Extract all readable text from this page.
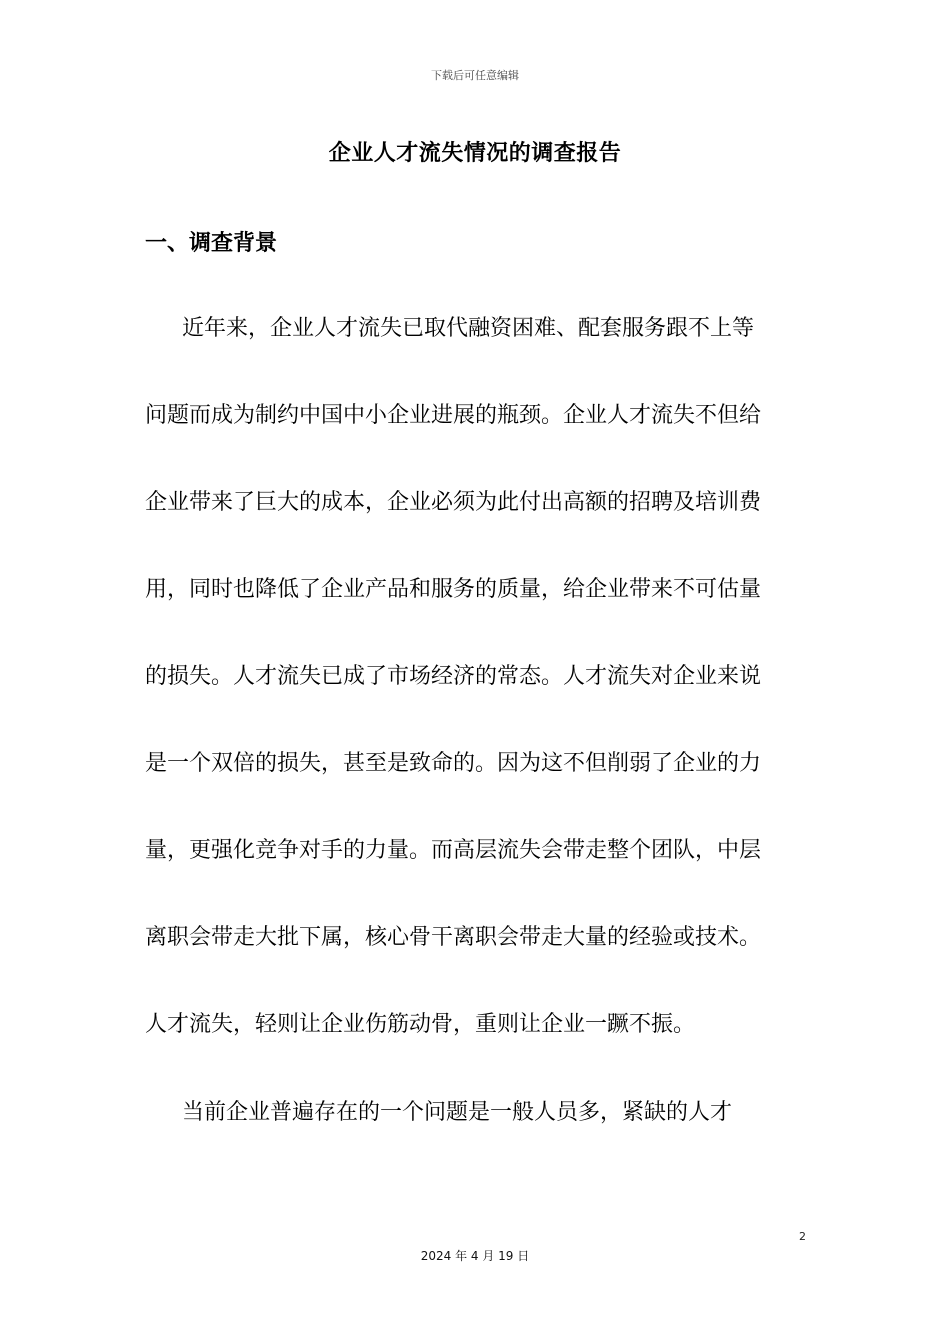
下载后可任意编辑
企业人才流失情况的调查报告
一、调查背景
近年来，企业人才流失已取代融资困难、配套服务跟不上等
问题而成为制约中国中小企业进展的瓶颈。企业人才流失不但给
企业带来了巨大的成本，企业必须为此付出高额的招聘及培训费
用，同时也降低了企业产品和服务的质量，给企业带来不可估量
的损失。人才流失已成了市场经济的常态。人才流失对企业来说
是一个双倍的损失，甚至是致命的。因为这不但削弱了企业的力
量，更强化竞争对手的力量。而高层流失会带走整个团队，中层
离职会带走大批下属，核心骨干离职会带走大量的经验或技术。
人才流失，轻则让企业伤筋动骨，重则让企业一蹶不振。
当前企业普遍存在的一个问题是一般人员多，紧缺的人才
2
2024 年 4 月 19 日
